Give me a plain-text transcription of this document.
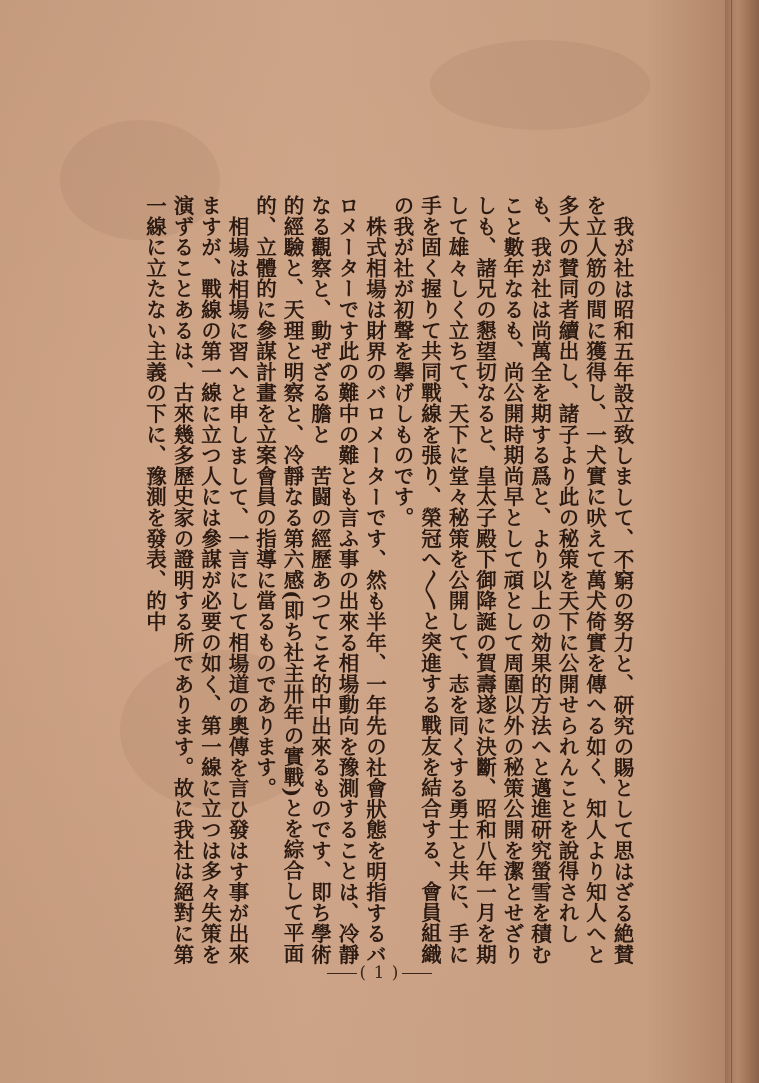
我が社は昭和五年設立致しまして、不窮の努力と、研究の賜として思はざる絶賛を立人筋の間に獲得し、一犬實に吠えて萬犬倚實を傳へる如く、知人より知人へと多大の賛同者續出し、諸子より此の秘策を天下に公開せられんことを說得されしも、我が社は尚萬全を期する爲と、より以上の効果的方法へと邁進研究螢雪を積むこと數年なるも、尚公開時期尚早として頑として周圍以外の秘策公開を潔とせざりしも、諸兄の懇望切なると、皇太子殿下御降誕の賀壽遂に決斷、昭和八年一月を期して雄々しく立ちて、天下に堂々秘策を公開して、志を同くする勇士と共に、手に手を固く握りて共同戰線を張り、榮冠へ〳〵と突進する戰友を結合する、會員組織の我が社が初聲を擧げしものです。

株式相場は財界のバロメーターです、然も半年、一年先の社會狀態を明指するバロメーターです此の難中の難とも言ふ事の出來る相場動向を豫測することは、冷靜なる觀察と、動ぜざる膽と　苦闘の經歷あつてこそ的中出來るものです、即ち學術的經驗と、天理と明察と、冷靜なる第六感(即ち社主卅年の實戰)とを綜合して平面的、立體的に參謀計畫を立案會員の指導に當るものであります。

相場は相場に習へと申しまして、一言にして相場道の奧傳を言ひ發はす事が出來ますが、戰線の第一線に立つ人には參謀が必要の如く、第一線に立つは多々失策を演ずることあるは、古來幾多歷史家の證明する所であります。故に我社は絕對に第一線に立たない主義の下に、豫測を發表、的中

( 1 )
